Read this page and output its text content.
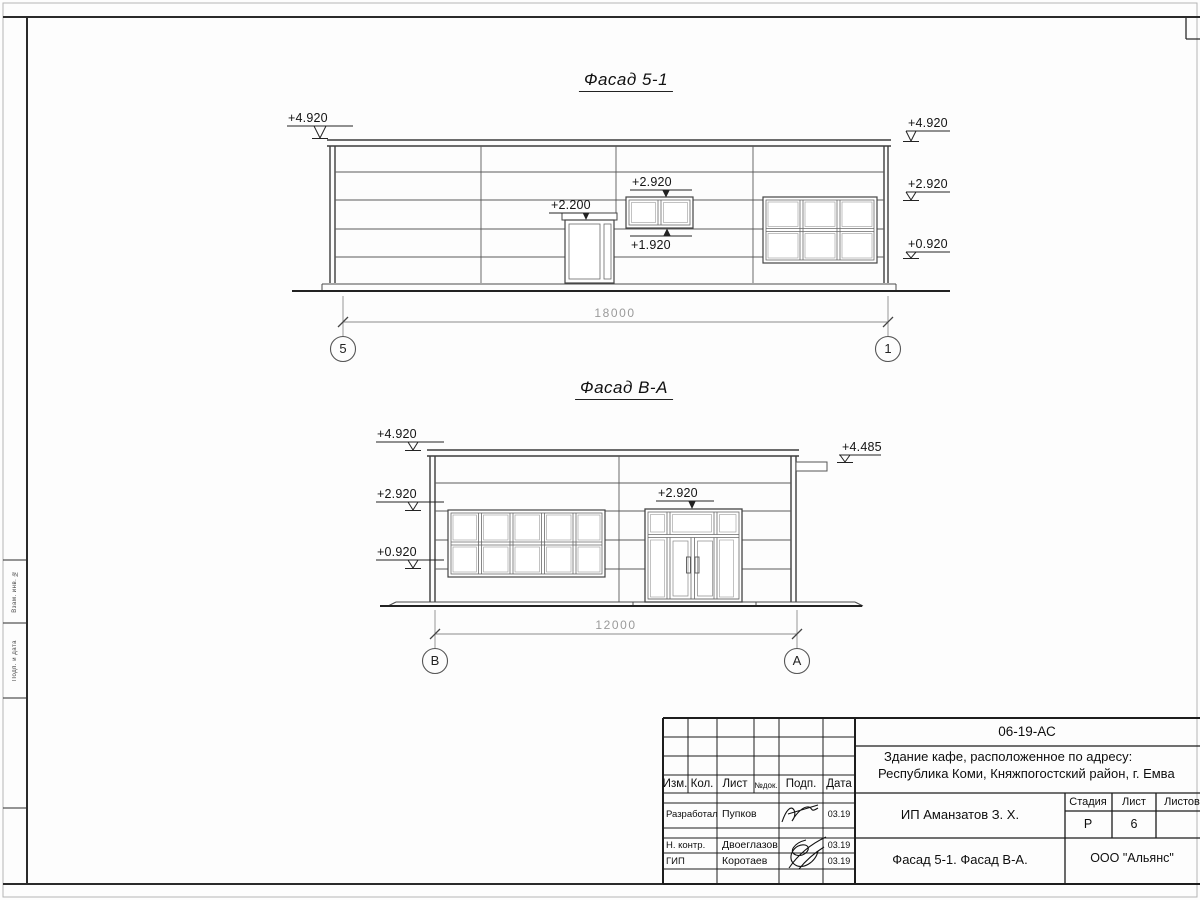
Взам. инв. №
Подп. и дата
Фасад 5-1
+4.920	+4.920
+2.920
+0.920
+2.200
+2.920
+1.920
18000
5	1
Фасад В-А
+4.920
+2.920
+0.920
+4.485
+2.920
12000
В	А
Изм. Кол. Лист №док. Подп. Дата
Разработал Пупков	03.19
Н. контр. Двоеглазов	03.19
ГИП	Коротаев	03.19
06-19-АС
Здание кафе, расположенное по адресу:
Республика Коми, Княжпогостский район, г. Емва
ИП Аманзатов З. Х.
Фасад 5-1. Фасад В-А.
Стадия Лист Листов
Р	6
ООО "Альянс"
